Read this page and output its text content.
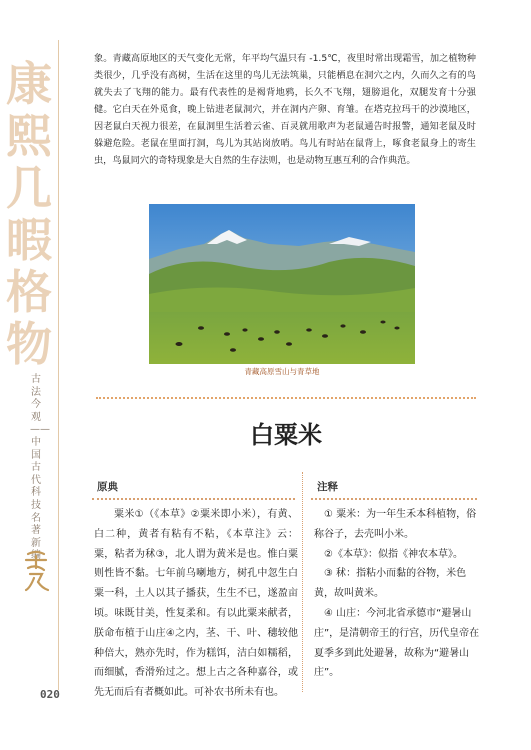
康
熙
几
暇
格
物
古法今观——中国古代科技名著新编

象。青藏高原地区的天气变化无常，年平均气温只有 -1.5℃，夜里时常出现霜雪，加之植物种类很少，几乎没有高树，生活在这里的鸟儿无法筑巢，只能栖息在洞穴之内，久而久之有的鸟就失去了飞翔的能力。最有代表性的是褐背地鸦，长久不飞翔，翅膀退化，双腿发育十分强健。它白天在外觅食，晚上钻进老鼠洞穴，并在洞内产卵、育雏。在塔克拉玛干的沙漠地区，因老鼠白天视力很差，在鼠洞里生活着云雀、百灵就用歌声为老鼠通告时报警，通知老鼠及时躲避危险。老鼠在里面打洞，鸟儿为其站岗放哨。鸟儿有时站在鼠背上，啄食老鼠身上的寄生虫，鸟鼠同穴的奇特现象是大自然的生存法则，也是动物互惠互利的合作典范。

青藏高原雪山与青草地
白粟米
原典	注释

粟米①（《本草》②粟米即小米），有黄、白二种，黄者有粘有不粘，《本草注》云：粟，粘者为秫③，北人谓为黄米是也。惟白粟则性皆不黏。七年前乌喇地方，树孔中忽生白粟一科，土人以其子播获，生生不已，遂盈亩顷。味既甘美，性复柔和。有以此粟来献者，朕命布植于山庄④之内，茎、干、叶、穗较他种倍大，熟亦先时，作为糕饵，洁白如糯稻，而细腻，香滑殆过之。想上古之各种嘉谷，或先无而后有者概如此。可补农书所未有也。

① 粟米：为一年生禾本科植物，俗称谷子，去壳叫小米。

②《本草》：似指《神农本草》。

③ 秫：指粘小而黏的谷物，米色黄，故叫黄米。

④ 山庄：今河北省承德市“避暑山庄”，是清朝帝王的行宫，历代皇帝在夏季多到此处避暑，故称为“避暑山庄”。

020
